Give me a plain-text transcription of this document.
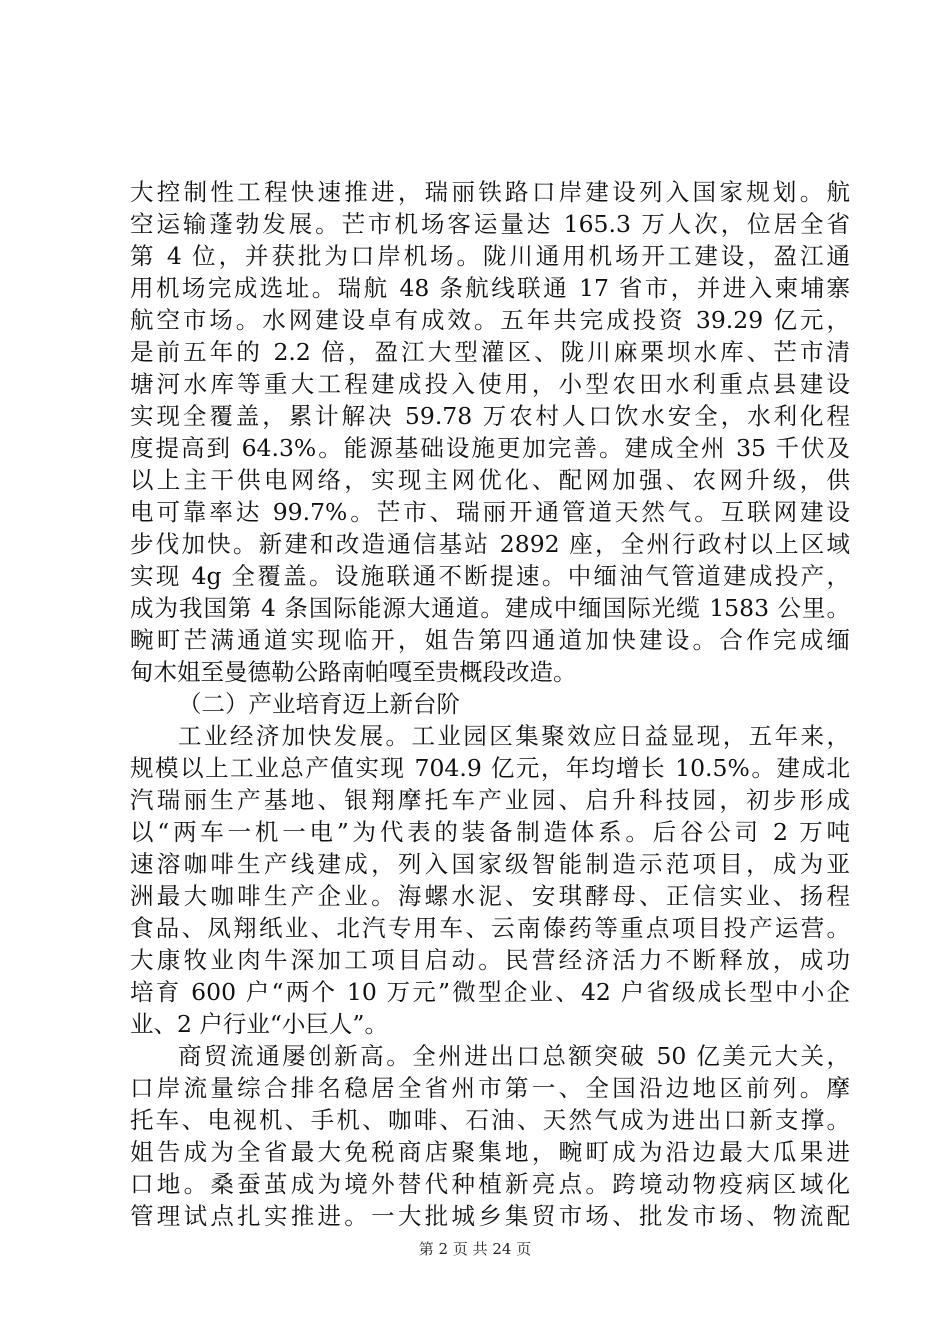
大控制性工程快速推进，瑞丽铁路口岸建设列入国家规划。航
空运输蓬勃发展。芒市机场客运量达 165.3 万人次，位居全省
第 4 位，并获批为口岸机场。陇川通用机场开工建设，盈江通
用机场完成选址。瑞航 48 条航线联通 17 省市，并进入柬埔寨
航空市场。水网建设卓有成效。五年共完成投资 39.29 亿元，
是前五年的 2.2 倍，盈江大型灌区、陇川麻栗坝水库、芒市清
塘河水库等重大工程建成投入使用，小型农田水利重点县建设
实现全覆盖，累计解决 59.78 万农村人口饮水安全，水利化程
度提高到 64.3%。能源基础设施更加完善。建成全州 35 千伏及
以上主干供电网络，实现主网优化、配网加强、农网升级，供
电可靠率达 99.7%。芒市、瑞丽开通管道天然气。互联网建设
步伐加快。新建和改造通信基站 2892 座，全州行政村以上区域
实现 4g 全覆盖。设施联通不断提速。中缅油气管道建成投产，
成为我国第 4 条国际能源大通道。建成中缅国际光缆 1583 公里。
畹町芒满通道实现临开，姐告第四通道加快建设。合作完成缅
甸木姐至曼德勒公路南帕嘎至贵概段改造。
（二）产业培育迈上新台阶
工业经济加快发展。工业园区集聚效应日益显现，五年来，
规模以上工业总产值实现 704.9 亿元，年均增长 10.5%。建成北
汽瑞丽生产基地、银翔摩托车产业园、启升科技园，初步形成
以“两车一机一电”为代表的装备制造体系。后谷公司 2 万吨
速溶咖啡生产线建成，列入国家级智能制造示范项目，成为亚
洲最大咖啡生产企业。海螺水泥、安琪酵母、正信实业、扬程
食品、凤翔纸业、北汽专用车、云南傣药等重点项目投产运营。
大康牧业肉牛深加工项目启动。民营经济活力不断释放，成功
培育 600 户“两个 10 万元”微型企业、42 户省级成长型中小企
业、2 户行业“小巨人”。
商贸流通屡创新高。全州进出口总额突破 50 亿美元大关，
口岸流量综合排名稳居全省州市第一、全国沿边地区前列。摩
托车、电视机、手机、咖啡、石油、天然气成为进出口新支撑。
姐告成为全省最大免税商店聚集地，畹町成为沿边最大瓜果进
口地。桑蚕茧成为境外替代种植新亮点。跨境动物疫病区域化
管理试点扎实推进。一大批城乡集贸市场、批发市场、物流配
第 2 页 共 24 页
